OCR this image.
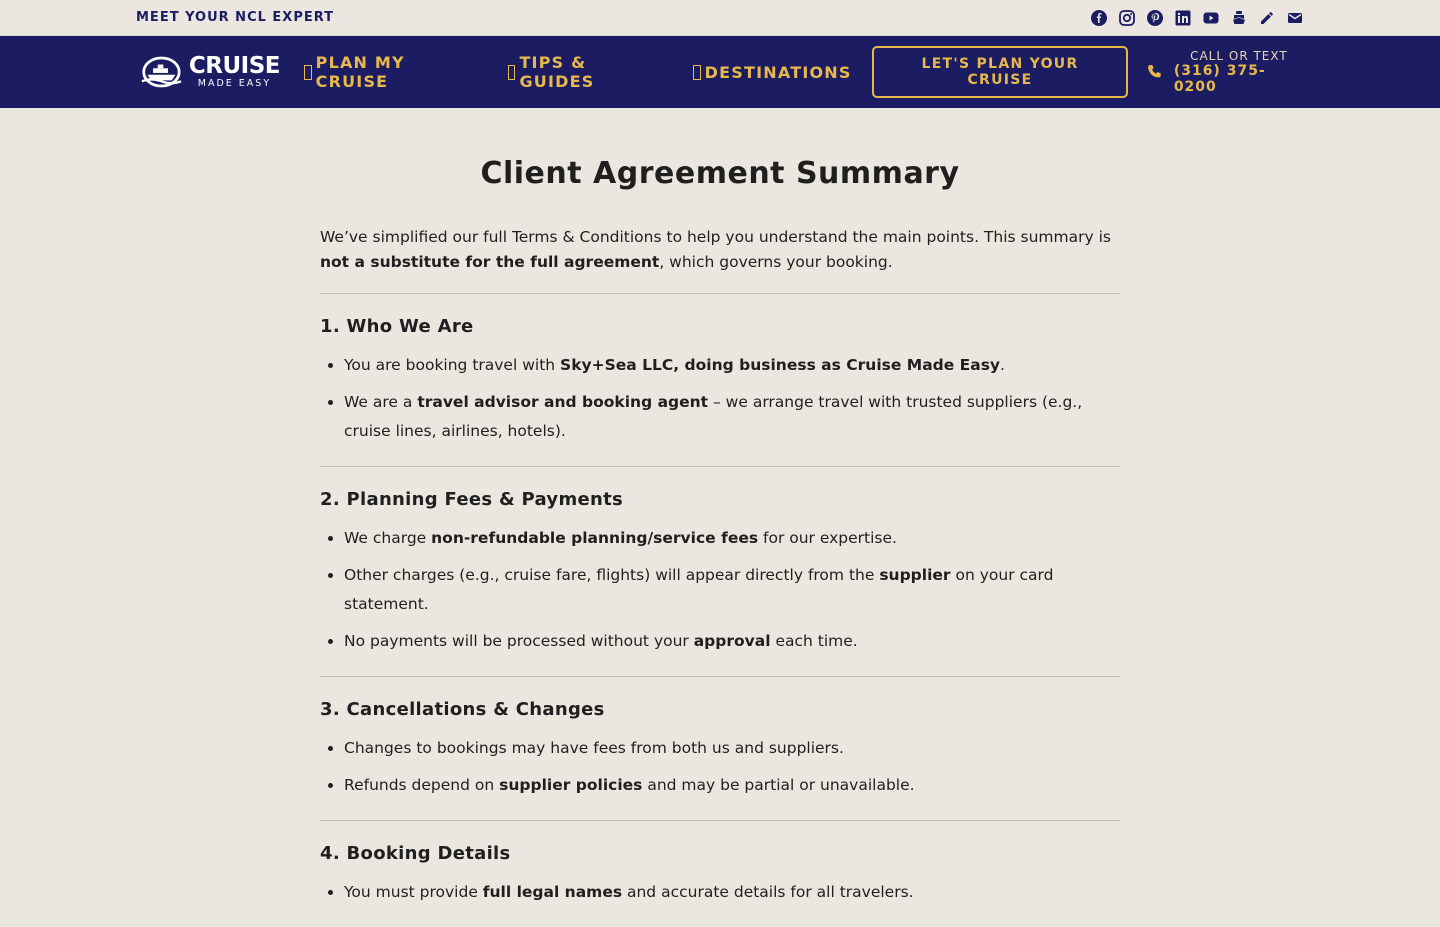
MEET YOUR NCL EXPERT
CRUISE
MADE EASY
PLAN MY CRUISE
TIPS & GUIDES	DESTINATIONS	LET'S PLAN YOUR CRUISE
CALL OR TEXT
(316) 375-0200
Client Agreement Summary

We’ve simplified our full Terms & Conditions to help you understand the main points. This summary is not a substitute for the full agreement, which governs your booking.

1. Who We Are
• You are booking travel with Sky+Sea LLC, doing business as Cruise Made Easy.
• We are a travel advisor and booking agent – we arrange travel with trusted suppliers (e.g., cruise lines, airlines, hotels).
2. Planning Fees & Payments
• We charge non-refundable planning/service fees for our expertise.
• Other charges (e.g., cruise fare, flights) will appear directly from the supplier on your card statement.
• No payments will be processed without your approval each time.
3. Cancellations & Changes
• Changes to bookings may have fees from both us and suppliers.
• Refunds depend on supplier policies and may be partial or unavailable.
4. Booking Details
• You must provide full legal names and accurate details for all travelers.
